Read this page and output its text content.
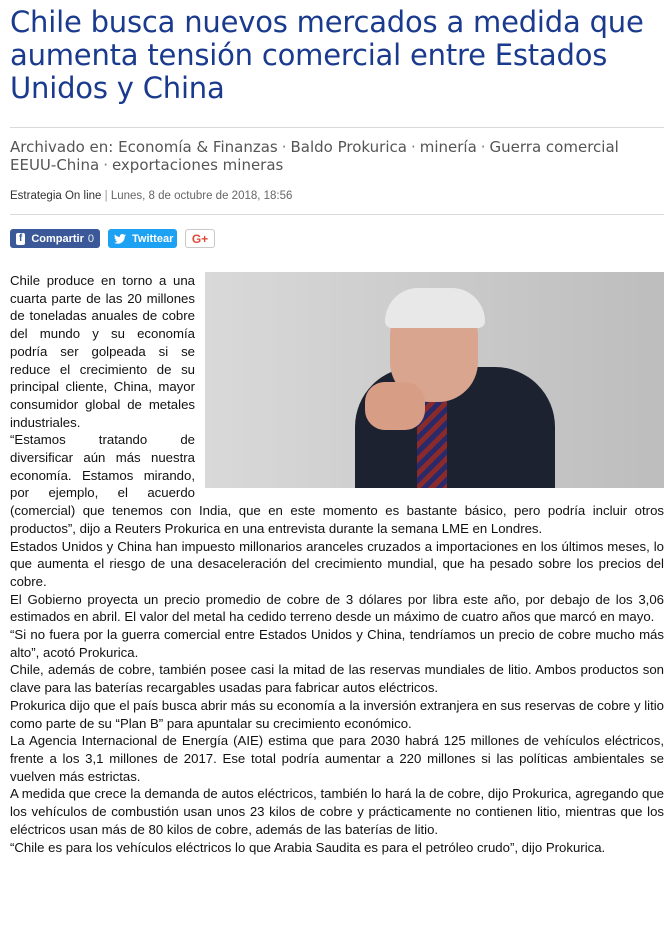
Chile busca nuevos mercados a medida que aumenta tensión comercial entre Estados Unidos y China
Archivado en: Economía & Finanzas · Baldo Prokurica · minería · Guerra comercial EEUU-China · exportaciones mineras
Estrategia On line | Lunes, 8 de octubre de 2018, 18:56
f Compartir 0	Twittear	G+

Chile produce en torno a una cuarta parte de las 20 millones de toneladas anuales de cobre del mundo y su economía podría ser golpeada si se reduce el crecimiento de su principal cliente, China, mayor consumidor global de metales industriales.

“Estamos tratando de diversificar aún más nuestra economía. Estamos mirando, por ejemplo, el acuerdo (comercial) que tenemos con India, que en este momento es bastante básico, pero podría incluir otros productos”, dijo a Reuters Prokurica en una entrevista durante la semana LME en Londres.

Estados Unidos y China han impuesto millonarios aranceles cruzados a importaciones en los últimos meses, lo que aumenta el riesgo de una desaceleración del crecimiento mundial, que ha pesado sobre los precios del cobre.

El Gobierno proyecta un precio promedio de cobre de 3 dólares por libra este año, por debajo de los 3,06 estimados en abril. El valor del metal ha cedido terreno desde un máximo de cuatro años que marcó en mayo.

“Si no fuera por la guerra comercial entre Estados Unidos y China, tendríamos un precio de cobre mucho más alto”, acotó Prokurica.

Chile, además de cobre, también posee casi la mitad de las reservas mundiales de litio. Ambos productos son clave para las baterías recargables usadas para fabricar autos eléctricos.

Prokurica dijo que el país busca abrir más su economía a la inversión extranjera en sus reservas de cobre y litio como parte de su “Plan B” para apuntalar su crecimiento económico.

La Agencia Internacional de Energía (AIE) estima que para 2030 habrá 125 millones de vehículos eléctricos, frente a los 3,1 millones de 2017. Ese total podría aumentar a 220 millones si las políticas ambientales se vuelven más estrictas.

A medida que crece la demanda de autos eléctricos, también lo hará la de cobre, dijo Prokurica, agregando que los vehículos de combustión usan unos 23 kilos de cobre y prácticamente no contienen litio, mientras que los eléctricos usan más de 80 kilos de cobre, además de las baterías de litio.

“Chile es para los vehículos eléctricos lo que Arabia Saudita es para el petróleo crudo”, dijo Prokurica.
